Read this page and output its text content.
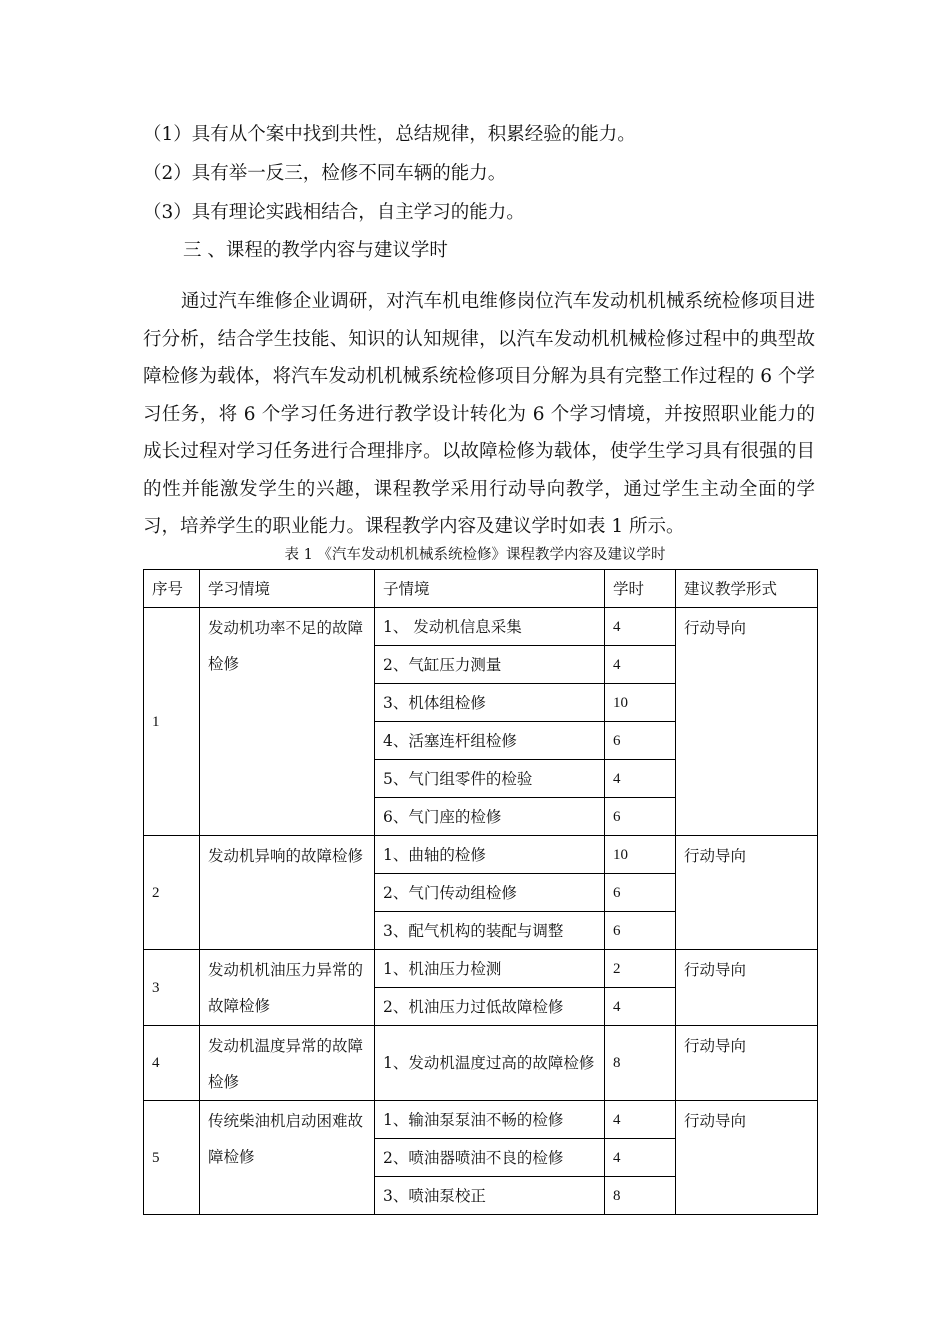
（1）具有从个案中找到共性，总结规律，积累经验的能力。
（2）具有举一反三，检修不同车辆的能力。
（3）具有理论实践相结合，自主学习的能力。
三 、课程的教学内容与建议学时
通过汽车维修企业调研，对汽车机电维修岗位汽车发动机机械系统检修项目进行分析，结合学生技能、知识的认知规律，以汽车发动机机械检修过程中的典型故障检修为载体，将汽车发动机机械系统检修项目分解为具有完整工作过程的 6 个学习任务，将 6 个学习任务进行教学设计转化为 6 个学习情境，并按照职业能力的成长过程对学习任务进行合理排序。以故障检修为载体，使学生学习具有很强的目的性并能激发学生的兴趣，课程教学采用行动导向教学，通过学生主动全面的学习，培养学生的职业能力。课程教学内容及建议学时如表 1 所示。
表 1 《汽车发动机机械系统检修》课程教学内容及建议学时
序号	学习情境	子情境	学时	建议教学形式
1	发动机功率不足的故障检修	1、 发动机信息采集	4	行动导向
		2、气缸压力测量	4	
		3、机体组检修	10	
		4、活塞连杆组检修	6	
		5、气门组零件的检验	4	
		6、气门座的检修	6	
2	发动机异响的故障检修	1、曲轴的检修	10	行动导向
		2、气门传动组检修	6	
		3、配气机构的装配与调整	6	
3	发动机机油压力异常的故障检修	1、机油压力检测	2	行动导向
		2、机油压力过低故障检修	4	
4	发动机温度异常的故障检修	1、发动机温度过高的故障检修	8	行动导向
5	传统柴油机启动困难故障检修	1、输油泵泵油不畅的检修	4	行动导向
		2、喷油器喷油不良的检修	4	
		3、喷油泵校正	8	
